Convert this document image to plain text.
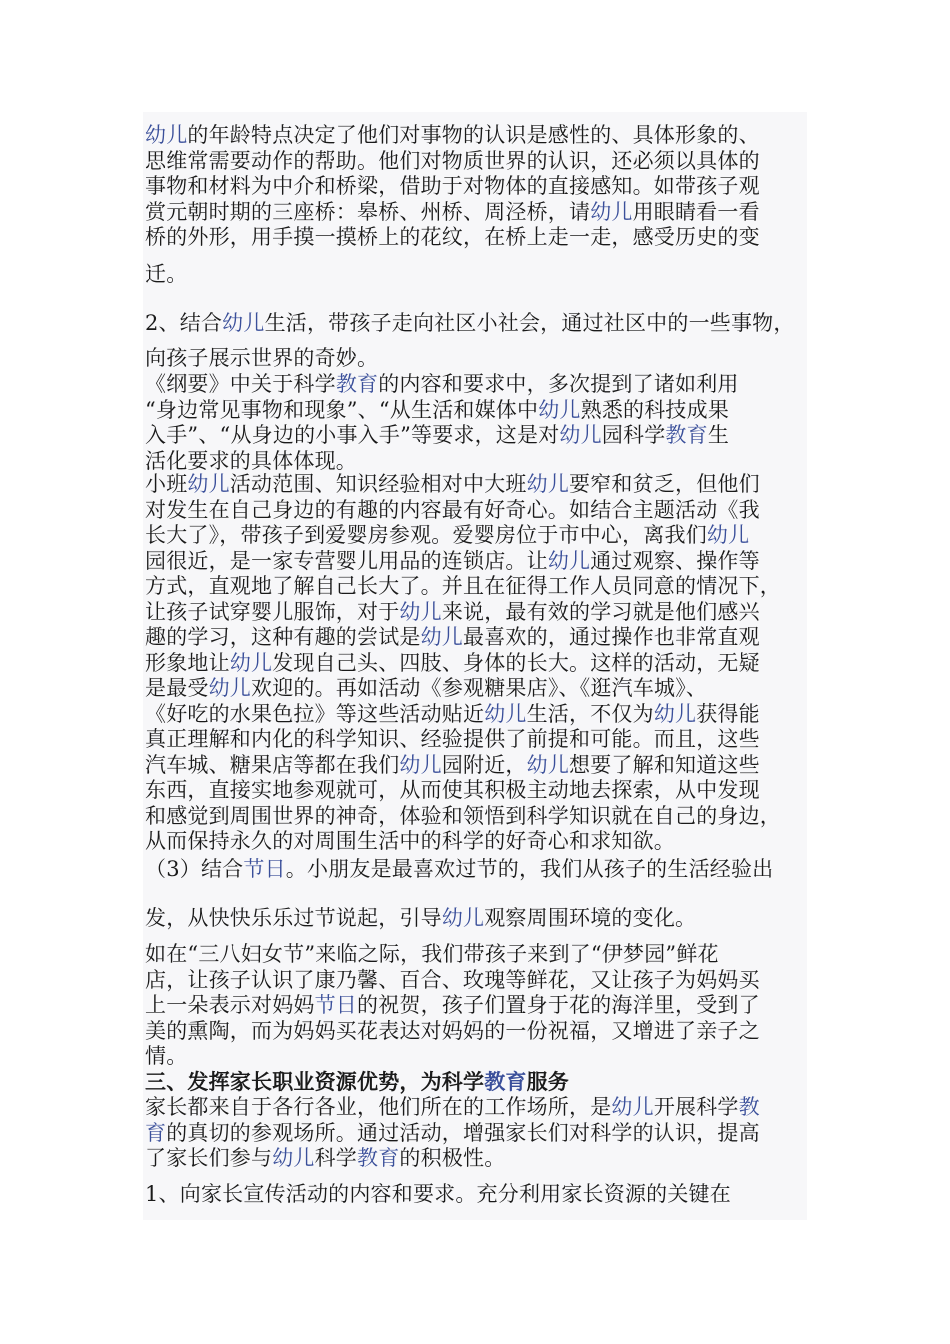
幼儿的年龄特点决定了他们对事物的认识是感性的、具体形象的、
思维常需要动作的帮助。他们对物质世界的认识，还必须以具体的
事物和材料为中介和桥梁，借助于对物体的直接感知。如带孩子观
赏元朝时期的三座桥：皋桥、州桥、周泾桥，请幼儿用眼睛看一看
桥的外形，用手摸一摸桥上的花纹，在桥上走一走，感受历史的变

迁。

2、结合幼儿生活，带孩子走向社区小社会，通过社区中的一些事物，

向孩子展示世界的奇妙。

《纲要》中关于科学教育的内容和要求中，多次提到了诸如利用
“身边常见事物和现象”、“从生活和媒体中幼儿熟悉的科技成果
入手”、“从身边的小事入手”等要求，这是对幼儿园科学教育生
活化要求的具体体现。

小班幼儿活动范围、知识经验相对中大班幼儿要窄和贫乏，但他们
对发生在自己身边的有趣的内容最有好奇心。如结合主题活动《我
长大了》，带孩子到爱婴房参观。爱婴房位于市中心，离我们幼儿
园很近，是一家专营婴儿用品的连锁店。让幼儿通过观察、操作等
方式，直观地了解自己长大了。并且在征得工作人员同意的情况下，
让孩子试穿婴儿服饰，对于幼儿来说，最有效的学习就是他们感兴
趣的学习，这种有趣的尝试是幼儿最喜欢的，通过操作也非常直观
形象地让幼儿发现自己头、四肢、身体的长大。这样的活动，无疑
是最受幼儿欢迎的。再如活动《参观糖果店》、《逛汽车城》、
《好吃的水果色拉》等这些活动贴近幼儿生活，不仅为幼儿获得能
真正理解和内化的科学知识、经验提供了前提和可能。而且，这些
汽车城、糖果店等都在我们幼儿园附近，幼儿想要了解和知道这些
东西，直接实地参观就可，从而使其积极主动地去探索，从中发现
和感觉到周围世界的神奇，体验和领悟到科学知识就在自己的身边，
从而保持永久的对周围生活中的科学的好奇心和求知欲。

（3）结合节日。小朋友是最喜欢过节的，我们从孩子的生活经验出

发，从快快乐乐过节说起，引导幼儿观察周围环境的变化。

如在“三八妇女节”来临之际，我们带孩子来到了“伊梦园”鲜花
店，让孩子认识了康乃馨、百合、玫瑰等鲜花，又让孩子为妈妈买
上一朵表示对妈妈节日的祝贺，孩子们置身于花的海洋里，受到了
美的熏陶，而为妈妈买花表达对妈妈的一份祝福，又增进了亲子之
情。

三、发挥家长职业资源优势，为科学教育服务

家长都来自于各行各业，他们所在的工作场所，是幼儿开展科学教
育的真切的参观场所。通过活动，增强家长们对科学的认识，提高
了家长们参与幼儿科学教育的积极性。

1、向家长宣传活动的内容和要求。充分利用家长资源的关键在
